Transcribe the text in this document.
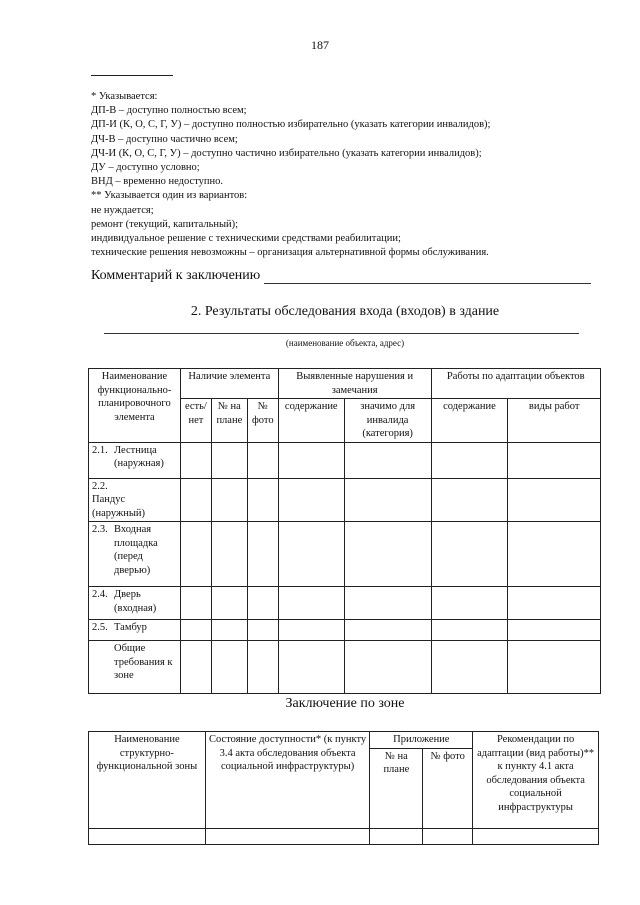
187
* Указывается:
ДП-В – доступно полностью всем;
ДП-И (К, О, С, Г, У) – доступно полностью избирательно (указать категории инвалидов);
ДЧ-В – доступно частично всем;
ДЧ-И (К, О, С, Г, У) – доступно частично избирательно (указать категории инвалидов);
ДУ – доступно условно;
ВНД – временно недоступно.
** Указывается один из вариантов:
не нуждается;
ремонт (текущий, капитальный);
индивидуальное решение с техническими средствами реабилитации;
технические решения невозможны – организация альтернативной формы обслуживания.
Комментарий к заключению
2. Результаты обследования входа (входов) в здание
(наименование объекта, адрес)
Наименование функционально-планировочного элемента	Наличие элемента			Выявленные нарушения и замечания		Работы по адаптации объектов	
	есть/ нет	№ на плане	№ фото	содержание	значимо для инвалида (категория)	содержание	виды работ
2.1. Лестница (наружная)							
2.2.Пандус (наружный)							
2.3. Входная площадка (перед дверью)							
2.4. Дверь (входная)							
2.5. Тамбур							
Общие требования к зоне							
Заключение по зоне
Наименование структурно-функциональной зоны	Состояние доступности* (к пункту 3.4 акта обследования объекта социальной инфраструктуры)	Приложение		Рекомендации по адаптации (вид работы)** к пункту 4.1 акта обследования объекта социальной инфраструктуры
		№ на плане	№ фото	
